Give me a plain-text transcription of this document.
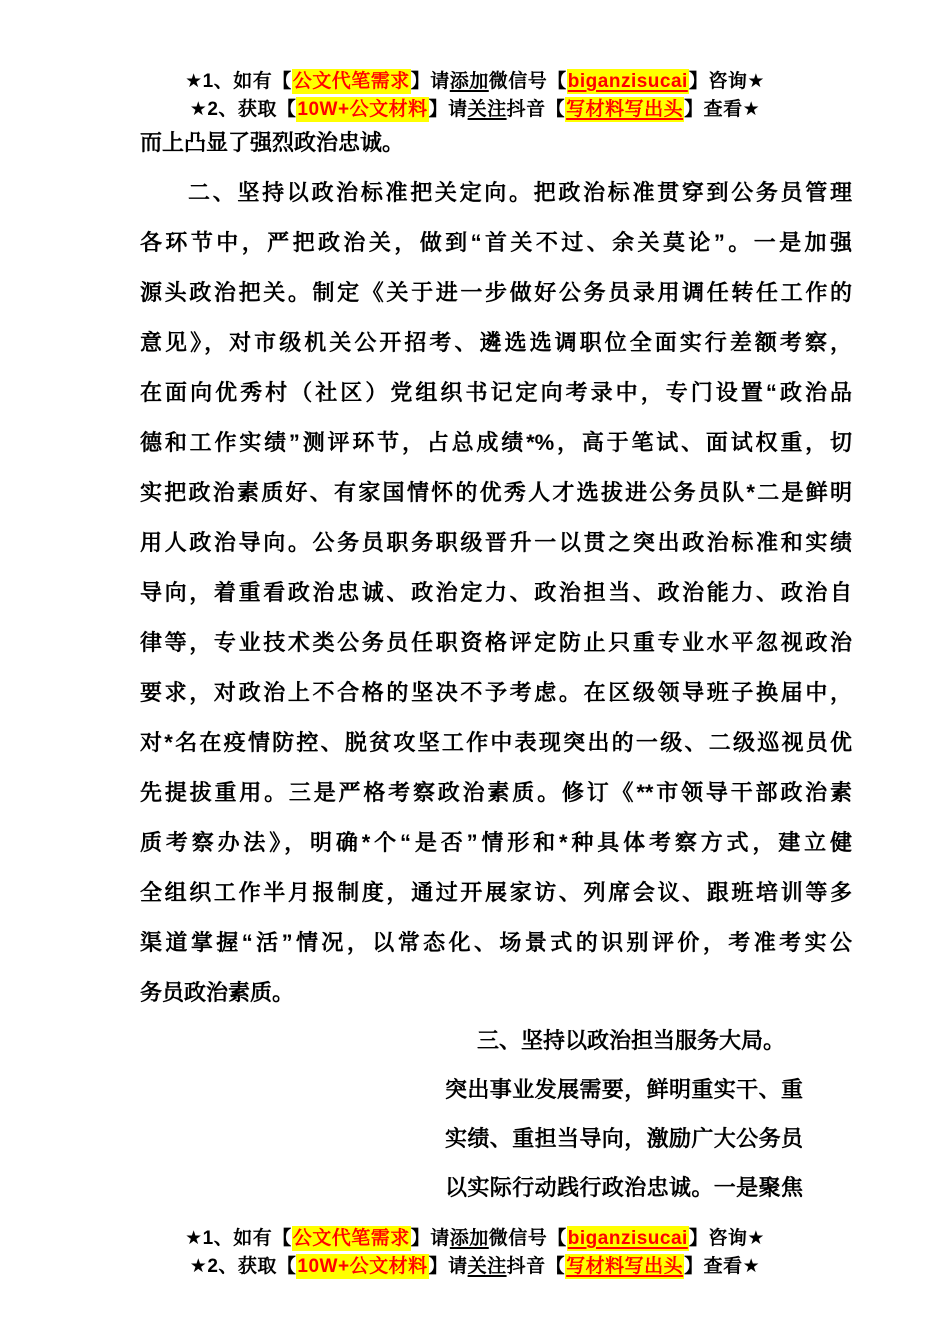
★1、如有【公文代笔需求】请添加微信号【biganzisucai】咨询★
★2、获取【10W+公文材料】请关注抖音【写材料写出头】查看★
而上凸显了强烈政治忠诚。
二、坚持以政治标准把关定向。把政治标准贯穿到公务员管理
各环节中，严把政治关，做到“首关不过、余关莫论”。一是加强
源头政治把关。制定《关于进一步做好公务员录用调任转任工作的
意见》，对市级机关公开招考、遴选选调职位全面实行差额考察，
在面向优秀村（社区）党组织书记定向考录中，专门设置“政治品
德和工作实绩”测评环节，占总成绩*%，高于笔试、面试权重，切
实把政治素质好、有家国情怀的优秀人才选拔进公务员队*二是鲜明
用人政治导向。公务员职务职级晋升一以贯之突出政治标准和实绩
导向，着重看政治忠诚、政治定力、政治担当、政治能力、政治自
律等，专业技术类公务员任职资格评定防止只重专业水平忽视政治
要求，对政治上不合格的坚决不予考虑。在区级领导班子换届中，
对*名在疫情防控、脱贫攻坚工作中表现突出的一级、二级巡视员优
先提拔重用。三是严格考察政治素质。修订《**市领导干部政治素
质考察办法》，明确*个“是否”情形和*种具体考察方式，建立健
全组织工作半月报制度，通过开展家访、列席会议、跟班培训等多
渠道掌握“活”情况，以常态化、场景式的识别评价，考准考实公
务员政治素质。
三、坚持以政治担当服务大局。
突出事业发展需要，鲜明重实干、重
实绩、重担当导向，激励广大公务员
以实际行动践行政治忠诚。一是聚焦
★1、如有【公文代笔需求】请添加微信号【biganzisucai】咨询★
★2、获取【10W+公文材料】请关注抖音【写材料写出头】查看★
